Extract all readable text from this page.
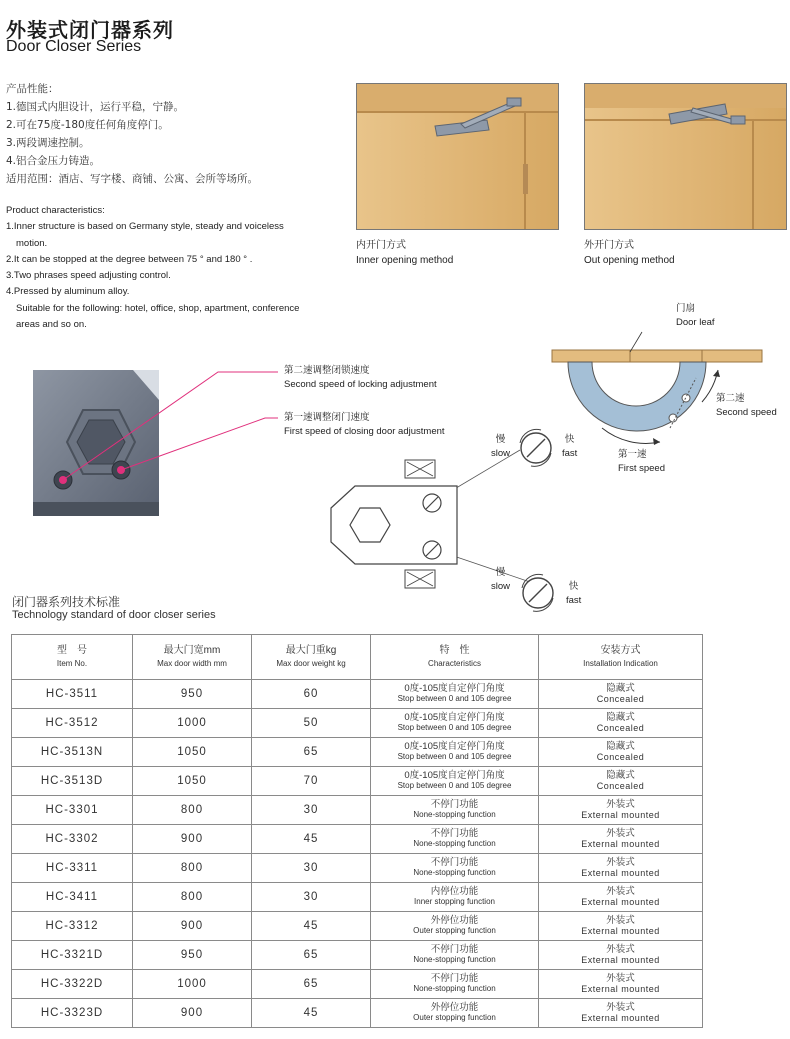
外装式闭门器系列
Door Closer Series
产品性能：
1.德国式内胆设计，运行平稳，宁静。
2.可在75度-180度任何角度停门。
3.两段调速控制。
4.铝合金压力铸造。
适用范围：酒店、写字楼、商铺、公寓、会所等场所。
Product characteristics:
1.Inner structure is based on Germany style, steady and voiceless
motion.
2.It can be stopped at the degree between 75 ° and 180 ° .
3.Two phrases speed adjusting control.
4.Pressed by aluminum alloy.
Suitable for the following: hotel, office, shop, apartment, conference
areas and so on.
内开门方式
Inner opening method
外开门方式
Out opening method
第二速调整闭锁速度
Second speed of locking adjustment
第一速调整闭门速度
First speed of closing door adjustment
慢
slow
快
fast
慢
slow	快
fast
门扇
Door leaf
第二速
Second speed
第一速
First speed
闭门器系列技术标准
Technology standard of door closer series
型　号
Item No.	最大门宽mm
Max door width mm	最大门重kg
Max door weight kg	特　性
Characteristics	安装方式
Installation Indication

HC-3511	950	60	0度-105度自定停门角度
Stop between 0 and 105 degree	隐藏式
Concealed

HC-3512	1000	50	0度-105度自定停门角度
Stop between 0 and 105 degree	隐藏式
Concealed

HC-3513N	1050	65	0度-105度自定停门角度
Stop between 0 and 105 degree	隐藏式
Concealed

HC-3513D	1050	70	0度-105度自定停门角度
Stop between 0 and 105 degree	隐藏式
Concealed

HC-3301	800	30	不停门功能
None-stopping function	外装式
External mounted

HC-3302	900	45	不停门功能
None-stopping function	外装式
External mounted

HC-3311	800	30	不停门功能
None-stopping function	外装式
External mounted

HC-3411	800	30	内停位功能
Inner stopping function	外装式
External mounted

HC-3312	900	45	外停位功能
Outer stopping function	外装式
External mounted

HC-3321D	950	65	不停门功能
None-stopping function	外装式
External mounted

HC-3322D	1000	65	不停门功能
None-stopping function	外装式
External mounted

HC-3323D	900	45	外停位功能
Outer stopping function	外装式
External mounted
